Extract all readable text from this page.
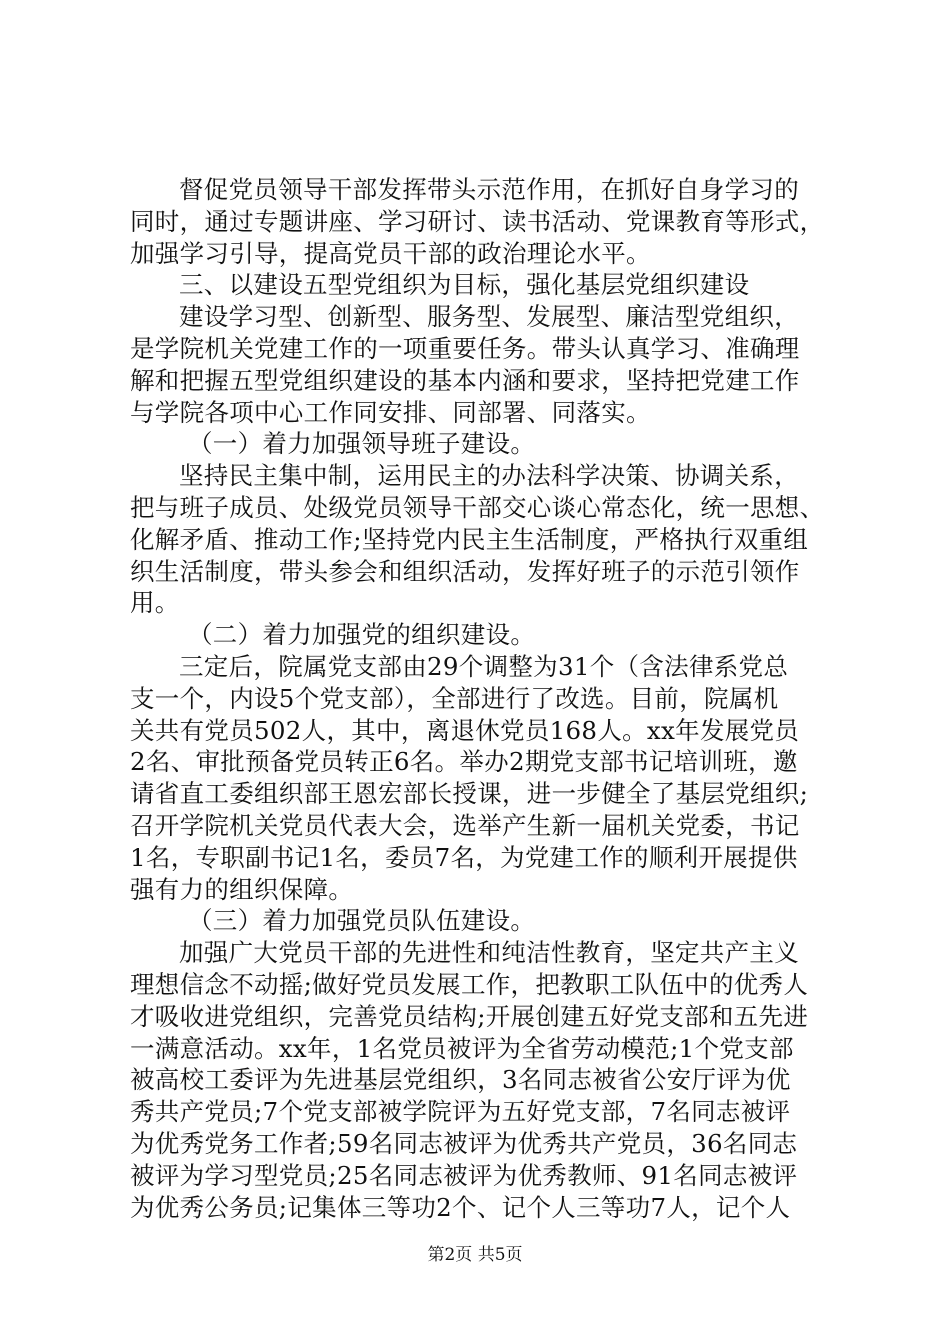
督促党员领导干部发挥带头示范作用，在抓好自身学习的
同时，通过专题讲座、学习研讨、读书活动、党课教育等形式，
加强学习引导，提高党员干部的政治理论水平。
三、以建设五型党组织为目标，强化基层党组织建设
建设学习型、创新型、服务型、发展型、廉洁型党组织，
是学院机关党建工作的一项重要任务。带头认真学习、准确理
解和把握五型党组织建设的基本内涵和要求，坚持把党建工作
与学院各项中心工作同安排、同部署、同落实。
（一）着力加强领导班子建设。
坚持民主集中制，运用民主的办法科学决策、协调关系，
把与班子成员、处级党员领导干部交心谈心常态化，统一思想、
化解矛盾、推动工作;坚持党内民主生活制度，严格执行双重组
织生活制度，带头参会和组织活动，发挥好班子的示范引领作
用。
（二）着力加强党的组织建设。
三定后，院属党支部由29个调整为31个（含法律系党总
支一个，内设5个党支部），全部进行了改选。目前，院属机
关共有党员502人，其中，离退休党员168人。xx年发展党员
2名、审批预备党员转正6名。举办2期党支部书记培训班，邀
请省直工委组织部王恩宏部长授课，进一步健全了基层党组织;
召开学院机关党员代表大会，选举产生新一届机关党委，书记
1名，专职副书记1名，委员7名，为党建工作的顺利开展提供
强有力的组织保障。
（三）着力加强党员队伍建设。
加强广大党员干部的先进性和纯洁性教育，坚定共产主义
理想信念不动摇;做好党员发展工作，把教职工队伍中的优秀人
才吸收进党组织，完善党员结构;开展创建五好党支部和五先进
一满意活动。xx年，1名党员被评为全省劳动模范;1个党支部
被高校工委评为先进基层党组织，3名同志被省公安厅评为优
秀共产党员;7个党支部被学院评为五好党支部，7名同志被评
为优秀党务工作者;59名同志被评为优秀共产党员，36名同志
被评为学习型党员;25名同志被评为优秀教师、91名同志被评
为优秀公务员;记集体三等功2个、记个人三等功7人，记个人
第2页 共5页
